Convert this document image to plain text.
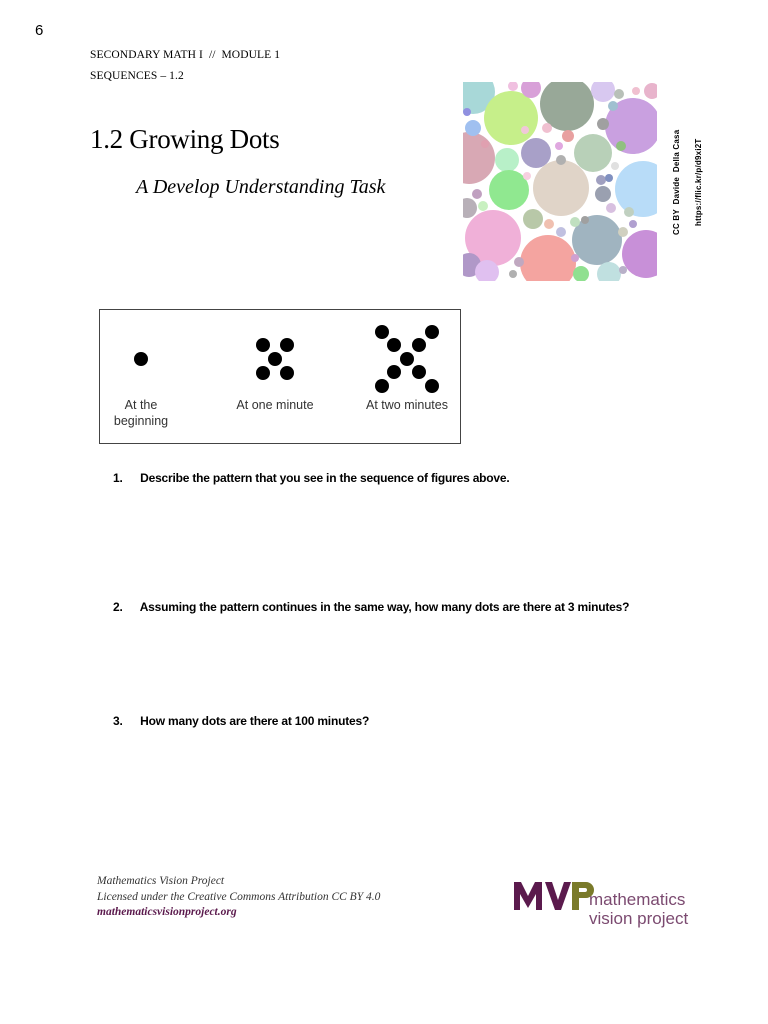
6
SECONDARY MATH I  //  MODULE 1
SEQUENCES – 1.2
1.2 Growing Dots
A Develop Understanding Task	CC BY  Davide  Della Casa	https://flic.kr/p/d9xi2T
At the
beginning
At one minute	At two minutes
1. Describe the pattern that you see in the sequence of figures above.
2. Assuming the pattern continues in the same way, how many dots are there at 3 minutes?
3. How many dots are there at 100 minutes?
Mathematics Vision Project
Licensed under the Creative Commons Attribution CC BY 4.0
mathematicsvisionproject.org
mathematics
vision project
